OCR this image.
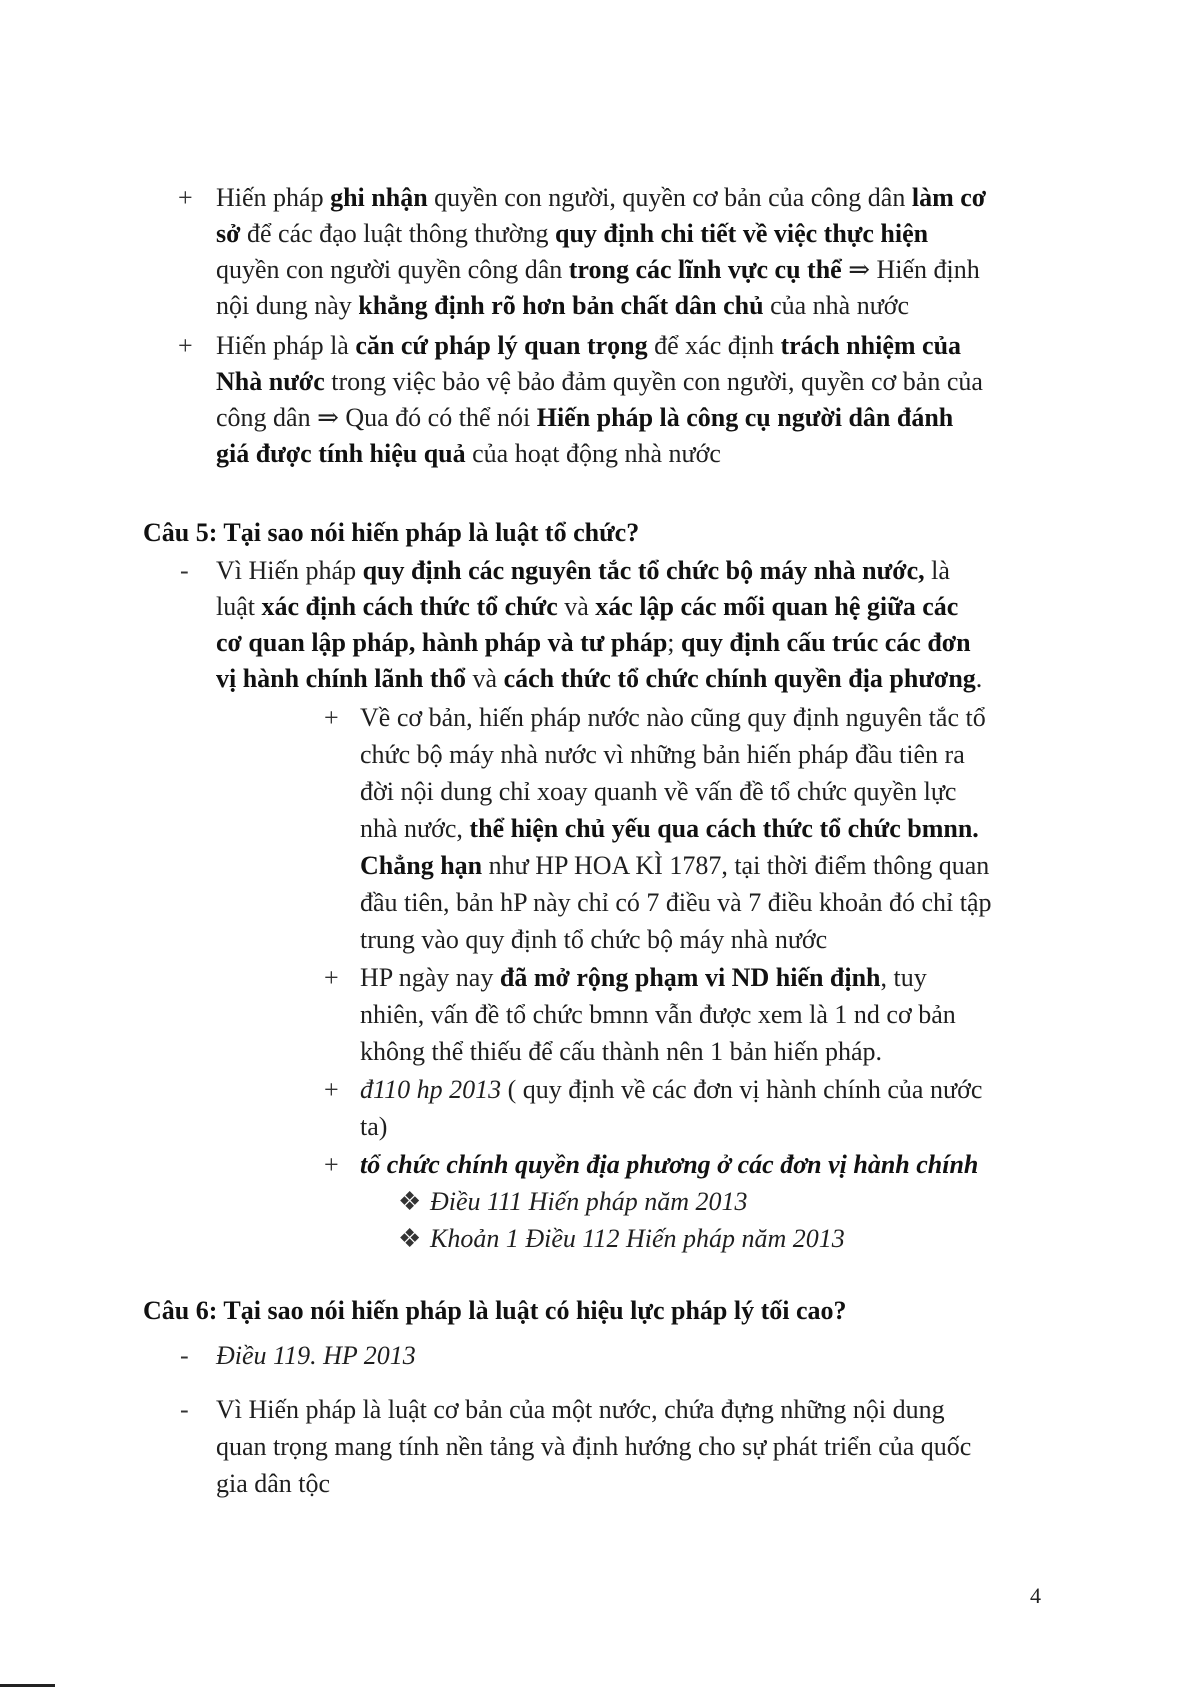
+ Hiến pháp ghi nhận quyền con người, quyền cơ bản của công dân làm cơ
sở để các đạo luật thông thường quy định chi tiết về việc thực hiện
quyền con người quyền công dân trong các lĩnh vực cụ thể ⇒ Hiến định
nội dung này khẳng định rõ hơn bản chất dân chủ của nhà nước
+ Hiến pháp là căn cứ pháp lý quan trọng để xác định trách nhiệm của
Nhà nước trong việc bảo vệ bảo đảm quyền con người, quyền cơ bản của
công dân ⇒ Qua đó có thể nói Hiến pháp là công cụ người dân đánh
giá được tính hiệu quả của hoạt động nhà nước
Câu 5: Tại sao nói hiến pháp là luật tổ chức?
- Vì Hiến pháp quy định các nguyên tắc tổ chức bộ máy nhà nước, là
luật xác định cách thức tổ chức và xác lập các mối quan hệ giữa các
cơ quan lập pháp, hành pháp và tư pháp; quy định cấu trúc các đơn
vị hành chính lãnh thổ và cách thức tổ chức chính quyền địa phương.
+ Về cơ bản, hiến pháp nước nào cũng quy định nguyên tắc tổ
chức bộ máy nhà nước vì những bản hiến pháp đầu tiên ra
đời nội dung chỉ xoay quanh về vấn đề tổ chức quyền lực
nhà nước, thể hiện chủ yếu qua cách thức tổ chức bmnn.
Chẳng hạn như HP HOA KÌ 1787, tại thời điểm thông quan
đầu tiên, bản hP này chỉ có 7 điều và 7 điều khoản đó chỉ tập
trung vào quy định tổ chức bộ máy nhà nước
+ HP ngày nay đã mở rộng phạm vi ND hiến định, tuy
nhiên, vấn đề tổ chức bmnn vẫn được xem là 1 nd cơ bản
không thể thiếu để cấu thành nên 1 bản hiến pháp.
+ đ110 hp 2013 ( quy định về các đơn vị hành chính của nước
ta)
+ tổ chức chính quyền địa phương ở các đơn vị hành chính
❖ Điều 111 Hiến pháp năm 2013
❖ Khoản 1 Điều 112 Hiến pháp năm 2013
Câu 6: Tại sao nói hiến pháp là luật có hiệu lực pháp lý tối cao?
- Điều 119. HP 2013
- Vì Hiến pháp là luật cơ bản của một nước, chứa đựng những nội dung
quan trọng mang tính nền tảng và định hướng cho sự phát triển của quốc
gia dân tộc
4
